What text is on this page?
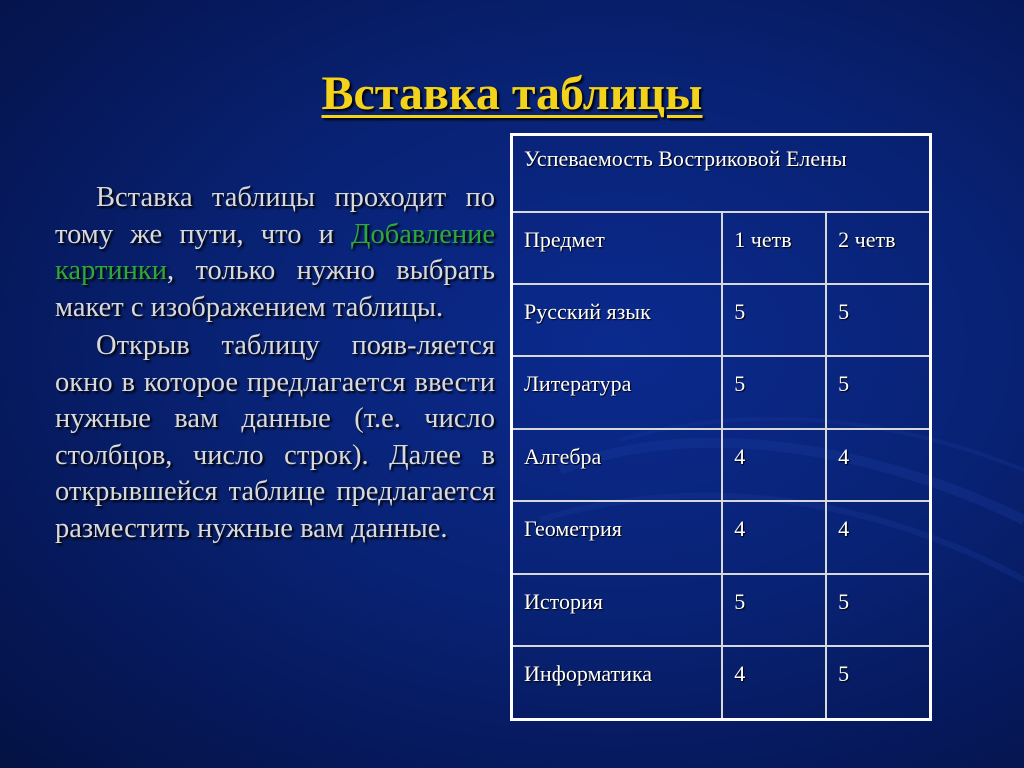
Вставка таблицы

Вставка таблицы проходит по тому же пути, что и Добавление картинки, только нужно выбрать макет с изображением таблицы.

Открыв таблицу появ-ляется окно в которое предлагается ввести нужные вам данные (т.е. число столбцов, число строк). Далее в открывшейся таблице предлагается разместить нужные вам данные.

Успеваемость Востриковой Елены		
Предмет	1 четв	2 четв
Русский язык	5	5
Литература	5	5
Алгебра	4	4
Геометрия	4	4
История	5	5
Информатика	4	5
